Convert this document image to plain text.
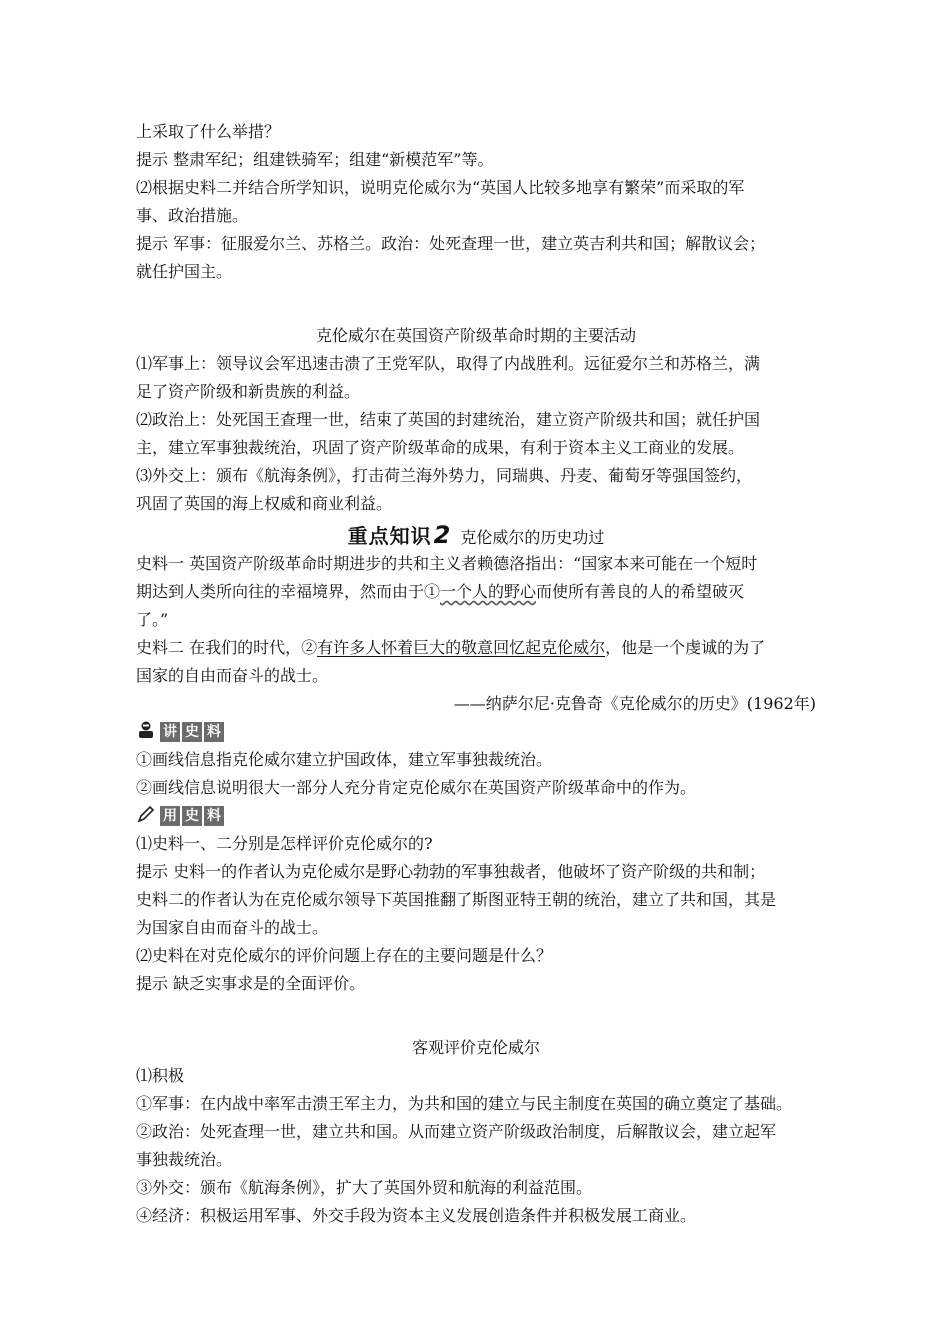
上采取了什么举措？
提示 整肃军纪；组建铁骑军；组建“新模范军”等。
⑵根据史料二并结合所学知识，说明克伦威尔为“英国人比较多地享有繁荣”而采取的军
事、政治措施。
提示 军事：征服爱尔兰、苏格兰。政治：处死查理一世，建立英吉利共和国；解散议会；
就任护国主。
克伦威尔在英国资产阶级革命时期的主要活动
⑴军事上：领导议会军迅速击溃了王党军队，取得了内战胜利。远征爱尔兰和苏格兰，满
足了资产阶级和新贵族的利益。
⑵政治上：处死国王查理一世，结束了英国的封建统治，建立资产阶级共和国；就任护国
主，建立军事独裁统治，巩固了资产阶级革命的成果，有利于资本主义工商业的发展。
⑶外交上：颁布《航海条例》，打击荷兰海外势力，同瑞典、丹麦、葡萄牙等强国签约，
巩固了英国的海上权威和商业利益。
重点知识 2 克伦威尔的历史功过
史料一 英国资产阶级革命时期进步的共和主义者赖德洛指出：“国家本来可能在一个短时
期达到人类所向往的幸福境界，然而由于①一个人的野心而使所有善良的人的希望破灭
了。”
史料二 在我们的时代，②有许多人怀着巨大的敬意回忆起克伦威尔，他是一个虔诚的为了
国家的自由而奋斗的战士。
——纳萨尔尼·克鲁奇《克伦威尔的历史》(1962年)
讲 史 料
①画线信息指克伦威尔建立护国政体，建立军事独裁统治。
②画线信息说明很大一部分人充分肯定克伦威尔在英国资产阶级革命中的作为。
用 史 料
⑴史料一、二分别是怎样评价克伦威尔的?
提示 史料一的作者认为克伦威尔是野心勃勃的军事独裁者，他破坏了资产阶级的共和制；
史料二的作者认为在克伦威尔领导下英国推翻了斯图亚特王朝的统治，建立了共和国，其是
为国家自由而奋斗的战士。
⑵史料在对克伦威尔的评价问题上存在的主要问题是什么？
提示 缺乏实事求是的全面评价。
客观评价克伦威尔
⑴积极
①军事：在内战中率军击溃王军主力，为共和国的建立与民主制度在英国的确立奠定了基础。
②政治：处死查理一世，建立共和国。从而建立资产阶级政治制度，后解散议会，建立起军
事独裁统治。
③外交：颁布《航海条例》，扩大了英国外贸和航海的利益范围。
④经济：积极运用军事、外交手段为资本主义发展创造条件并积极发展工商业。
